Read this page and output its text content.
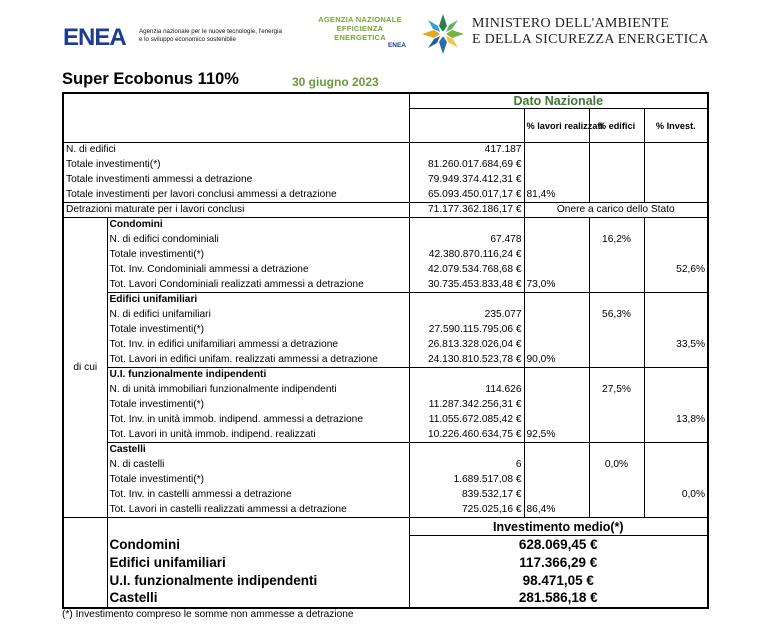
ENEA Agenzia nazionale per le nuove tecnologie, l'energia
e lo sviluppo economico sostenibile
AGENZIA NAZIONALE
EFFICIENZA ENERGETICA
ENEA
MINISTERO DELL'AMBIENTE
E DELLA SICUREZZA ENERGETICA
Super Ecobonus 110%	30 giugno 2023
		Dato Nazionale			
			% lavori realizzati	% edifici	% Invest.
N. di edifici		417.187			
Totale investimenti(*)		81.260.017.684,69 €			
Totale investimenti ammessi a detrazione		79.949.374.412,31 €			
Totale investimenti per lavori conclusi ammessi a detrazione		65.093.450.017,17 €	81,4%		
Detrazioni maturate per i lavori conclusi		71.177.362.186,17 €	Onere a carico dello Stato		
di cui	Condomini				
	N. di edifici condominiali	67.478		16,2%	
	Totale investimenti(*)	42.380.870.116,24 €			
	Tot. Inv. Condominiali ammessi a detrazione	42.079.534.768,68 €			52,6%
	Tot. Lavori Condominiali realizzati ammessi a detrazione	30.735.453.833,48 €	73,0%		
	Edifici unifamiliari				
	N. di edifici unifamiliari	235.077		56,3%	
	Totale investimenti(*)	27.590.115.795,06 €			
	Tot. Inv. in edifici unifamiliari ammessi a detrazione	26.813.328.026,04 €			33,5%
	Tot. Lavori in edifici unifam. realizzati ammessi a detrazione	24.130.810.523,78 €	90,0%		
	U.I. funzionalmente indipendenti				
	N. di unità immobiliari funzionalmente indipendenti	114.626		27,5%	
	Totale investimenti(*)	11.287.342.256,31 €			
	Tot. Inv. in unità immob. indipend. ammessi a detrazione	11.055.672.085,42 €			13,8%
	Tot. Lavori in unità immob. indipend. realizzati	10.226.460.634,75 €	92,5%		
	Castelli				
	N. di castelli	6		0,0%	
	Totale investimenti(*)	1.689.517,08 €			
	Tot. Inv. in castelli ammessi a detrazione	839.532,17 €			0,0%
	Tot. Lavori in castelli realizzati ammessi a detrazione	725.025,16 €	86,4%		
		Investimento medio(*)			
	Condomini	628.069,45 €			
	Edifici unifamiliari	117.366,29 €			
	U.I. funzionalmente indipendenti	98.471,05 €			
	Castelli	281.586,18 €			
(*) Investimento compreso le somme non ammesse a detrazione
